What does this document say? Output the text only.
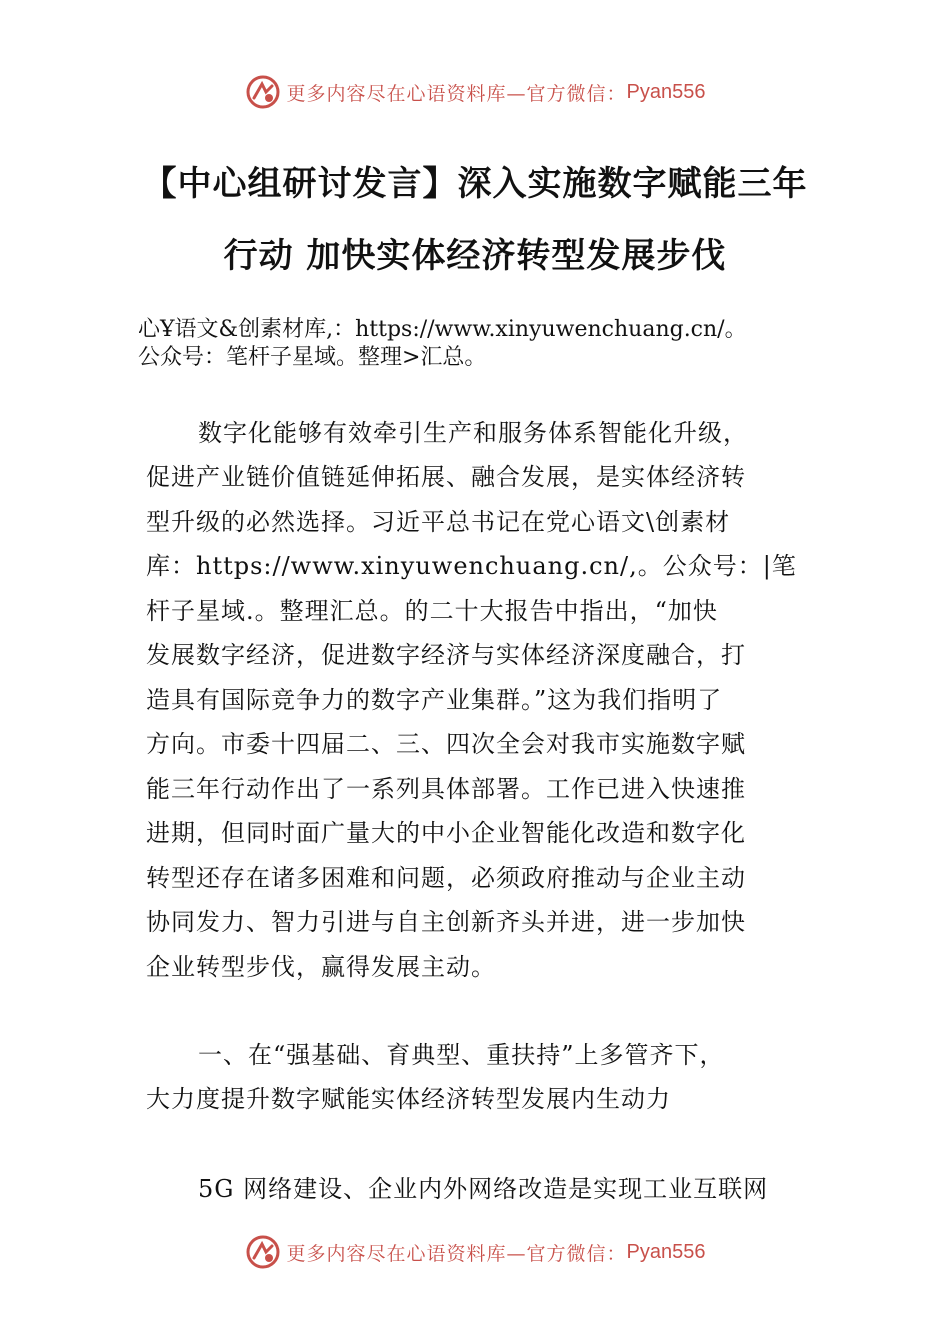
更多内容尽在心语资料库—官方微信： Pyan556
【中心组研讨发言】深入实施数字赋能三年
行动 加快实体经济转型发展步伐
心Ұ语文&创素材库,：https://www.xinyuwenchuang.cn/。
公众号：笔杆子星域。整理>汇总。
数字化能够有效牵引生产和服务体系智能化升级，
促进产业链价值链延伸拓展、融合发展，是实体经济转
型升级的必然选择。习近平总书记在党心语文\创素材
库：https://www.xinyuwenchuang.cn/,。公众号：|笔
杆子星域.。整理汇总。的二十大报告中指出，“加快
发展数字经济，促进数字经济与实体经济深度融合，打
造具有国际竞争力的数字产业集群。”这为我们指明了
方向。市委十四届二、三、四次全会对我市实施数字赋
能三年行动作出了一系列具体部署。工作已进入快速推
进期，但同时面广量大的中小企业智能化改造和数字化
转型还存在诸多困难和问题，必须政府推动与企业主动
协同发力、智力引进与自主创新齐头并进，进一步加快
企业转型步伐，赢得发展主动。
一、在“强基础、育典型、重扶持”上多管齐下，
大力度提升数字赋能实体经济转型发展内生动力
5G 网络建设、企业内外网络改造是实现工业互联网
更多内容尽在心语资料库—官方微信： Pyan556
